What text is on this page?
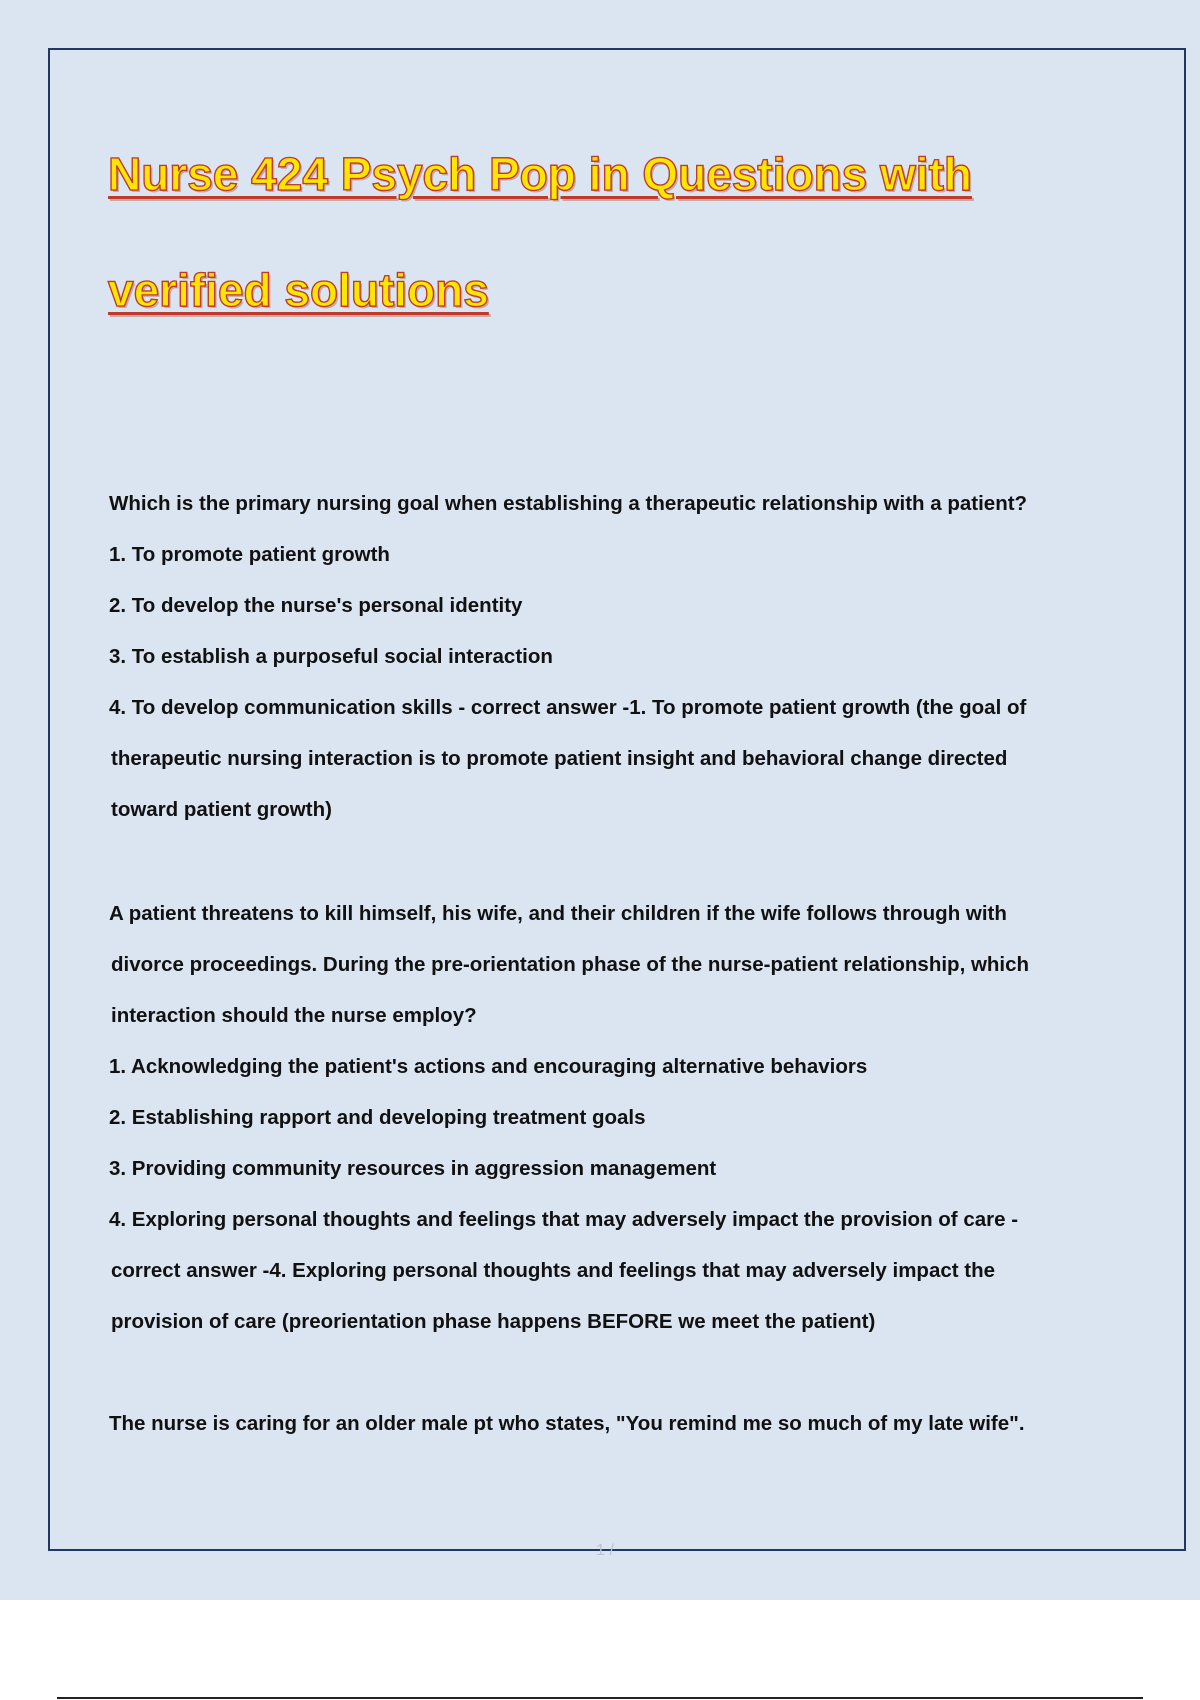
Nurse 424 Psych Pop in Questions with
verified solutions
Which is the primary nursing goal when establishing a therapeutic relationship with a patient?
1. To promote patient growth
2. To develop the nurse's personal identity
3. To establish a purposeful social interaction
4. To develop communication skills - correct answer -1. To promote patient growth (the goal of
therapeutic nursing interaction is to promote patient insight and behavioral change directed
toward patient growth)
A patient threatens to kill himself, his wife, and their children if the wife follows through with
divorce proceedings. During the pre-orientation phase of the nurse-patient relationship, which
interaction should the nurse employ?
1. Acknowledging the patient's actions and encouraging alternative behaviors
2. Establishing rapport and developing treatment goals
3. Providing community resources in aggression management
4. Exploring personal thoughts and feelings that may adversely impact the provision of care -
correct answer -4. Exploring personal thoughts and feelings that may adversely impact the
provision of care (preorientation phase happens BEFORE we meet the patient)
The nurse is caring for an older male pt who states, "You remind me so much of my late wife".
1 /
